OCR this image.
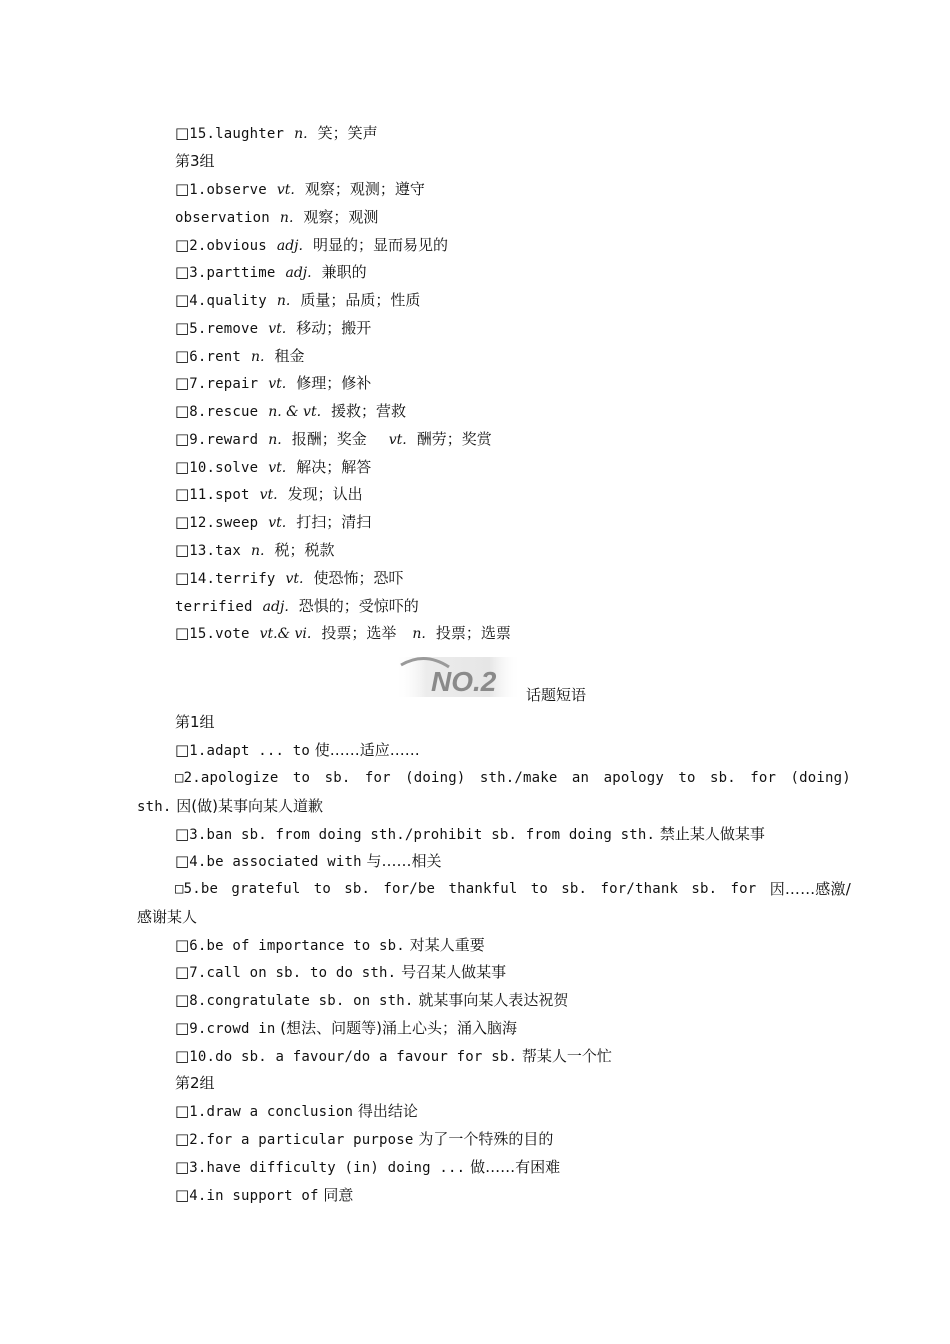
□15.laughter n. 笑；笑声
第3组
□1.observe vt. 观察；观测；遵守
observation n. 观察；观测
□2.obvious adj. 明显的；显而易见的
□3.parttime adj. 兼职的
□4.quality n. 质量；品质；性质
□5.remove vt. 移动；搬开
□6.rent n. 租金
□7.repair vt. 修理；修补
□8.rescue n. & vt. 援救；营救
□9.reward n. 报酬；奖金 vt. 酬劳；奖赏
□10.solve vt. 解决；解答
□11.spot vt. 发现；认出
□12.sweep vt. 打扫；清扫
□13.tax n. 税；税款
□14.terrify vt. 使恐怖；恐吓
terrified adj. 恐惧的；受惊吓的
□15.vote vt.& vi. 投票；选举 n. 投票；选票
NO.2 话题短语
第1组
□1.adapt ... to 使……适应……
□2.apologize to sb. for (doing) sth./make an apology to sb. for (doing)
sth. 因(做)某事向某人道歉
□3.ban sb. from doing sth./prohibit sb. from doing sth. 禁止某人做某事
□4.be associated with 与……相关
□5.be grateful to sb. for/be thankful to sb. for/thank sb. for 因……感激/
感谢某人
□6.be of importance to sb. 对某人重要
□7.call on sb. to do sth. 号召某人做某事
□8.congratulate sb. on sth. 就某事向某人表达祝贺
□9.crowd in (想法、问题等)涌上心头；涌入脑海
□10.do sb. a favour/do a favour for sb. 帮某人一个忙
第2组
□1.draw a conclusion 得出结论
□2.for a particular purpose 为了一个特殊的目的
□3.have difficulty (in) doing ... 做……有困难
□4.in support of 同意
